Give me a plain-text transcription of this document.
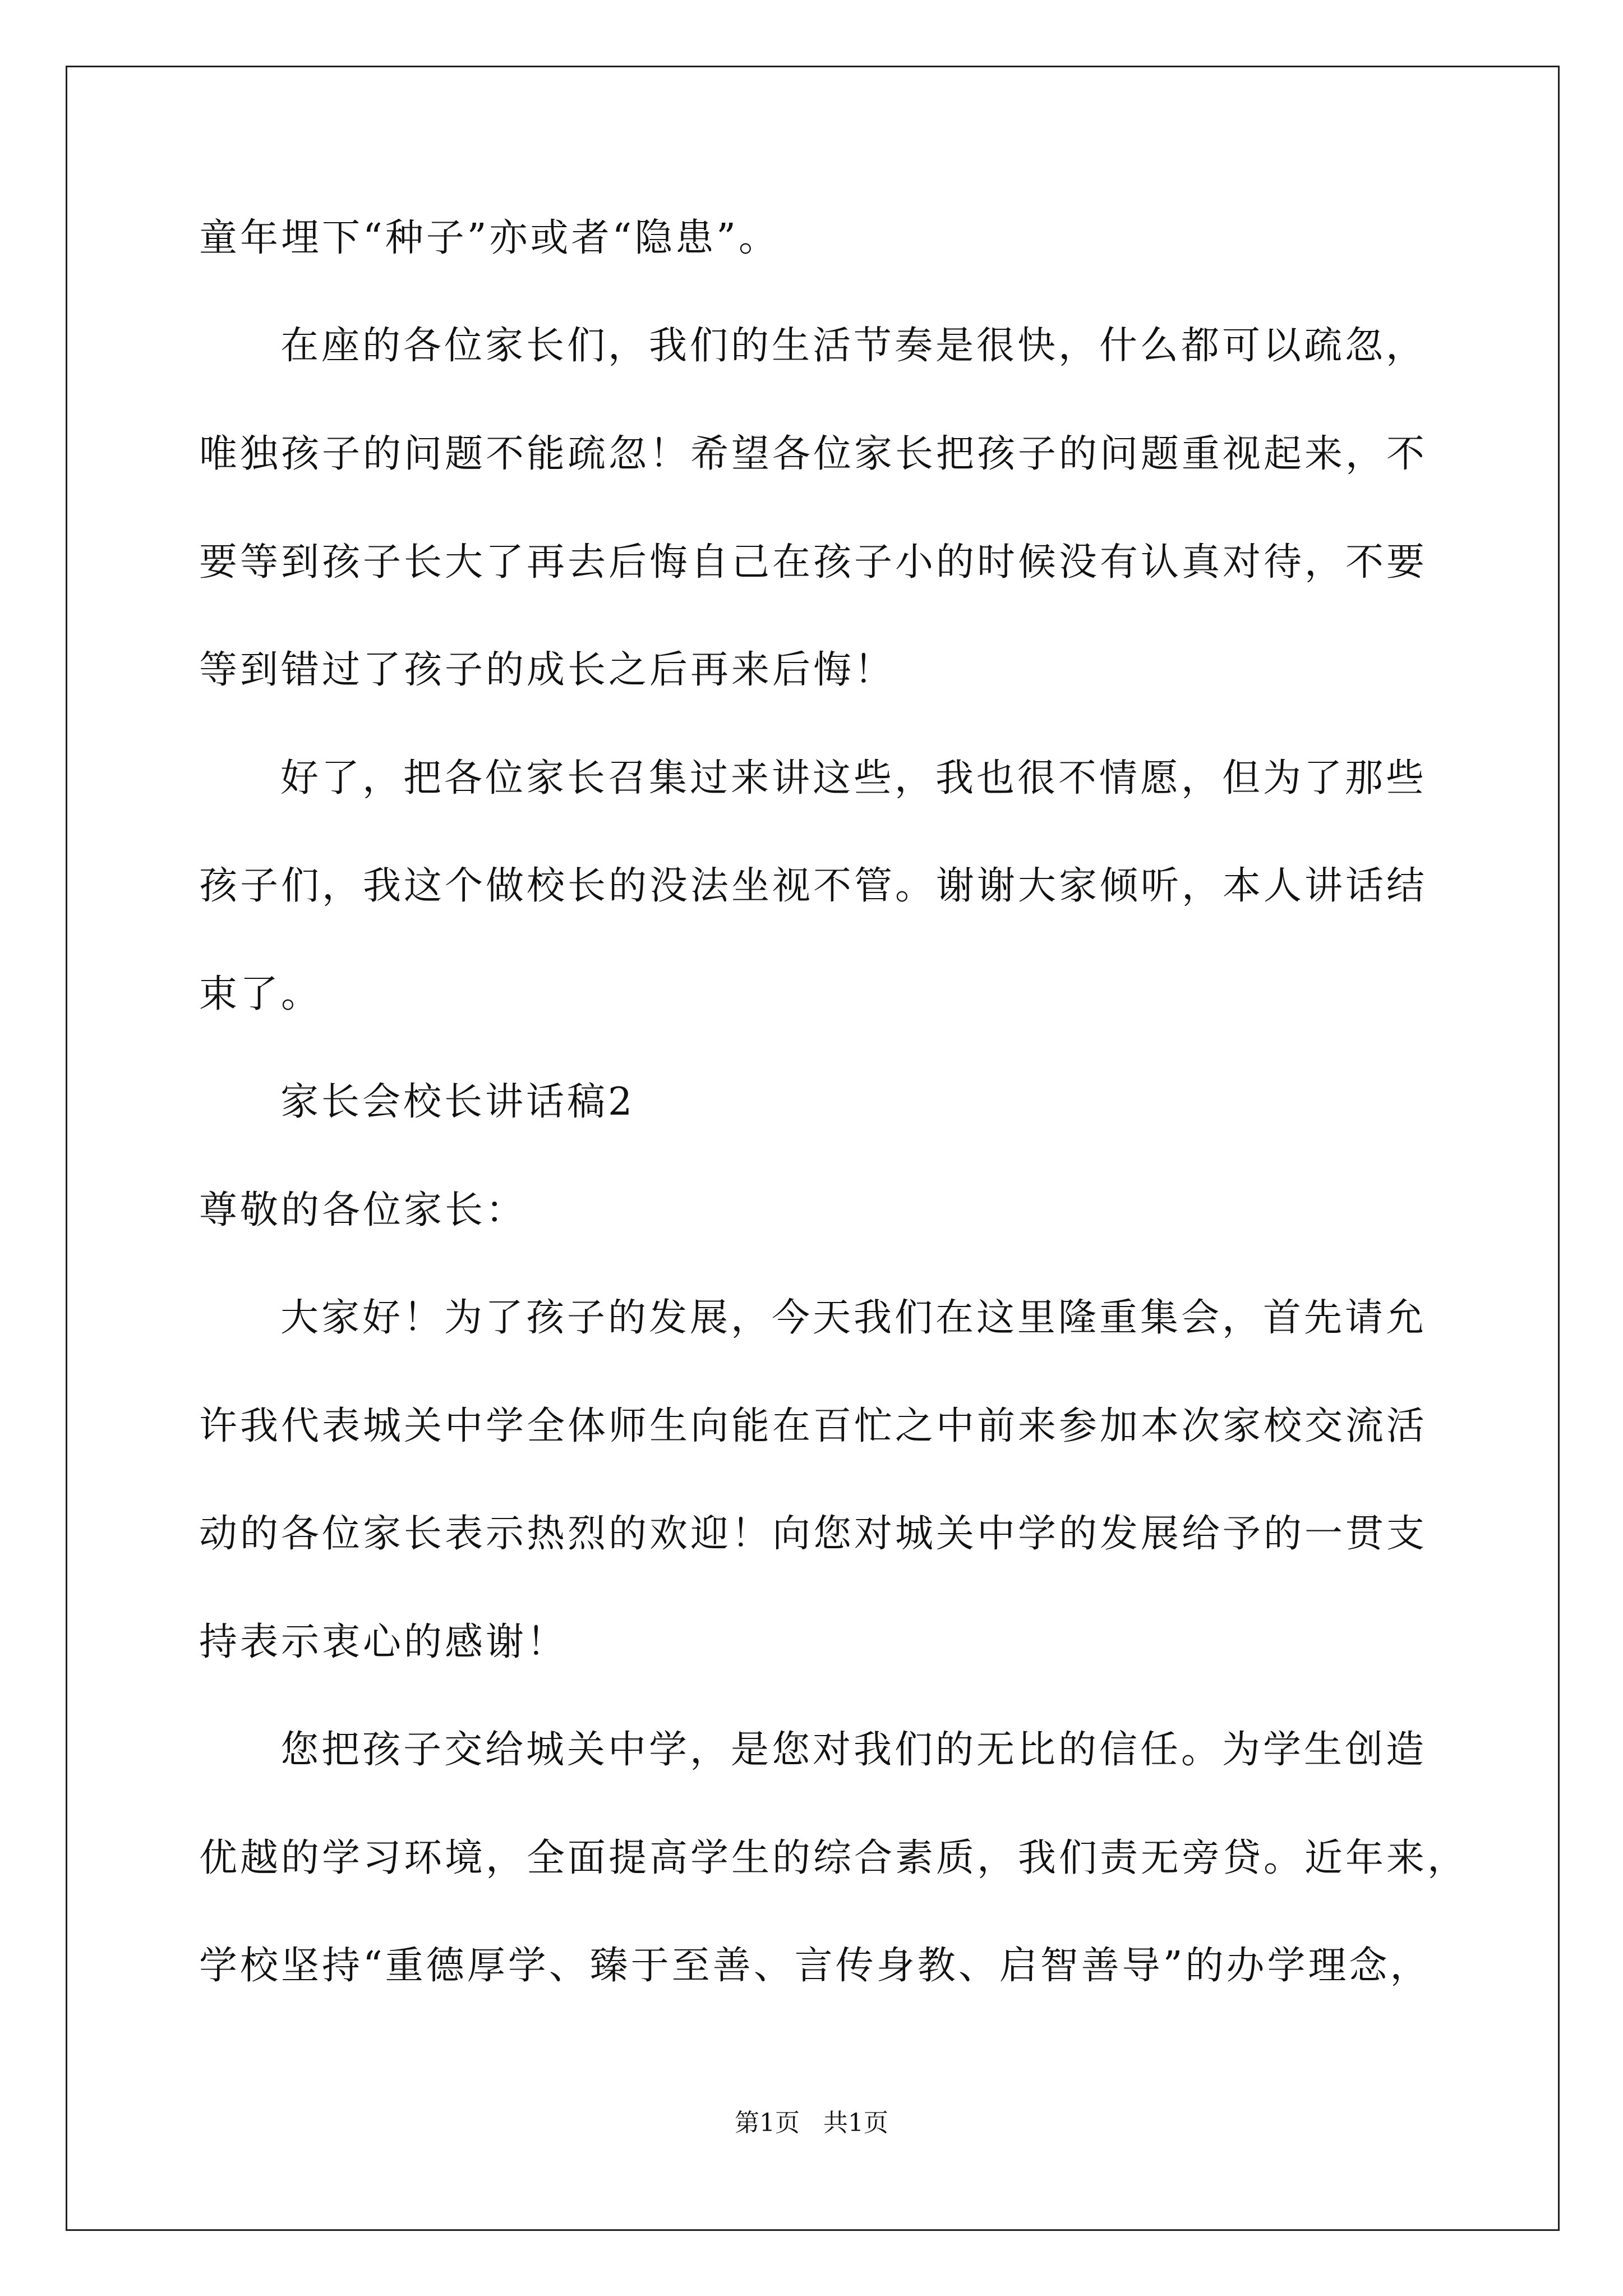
童年埋下“种子”亦或者“隐患”。
在座的各位家长们，我们的生活节奏是很快，什么都可以疏忽，
唯独孩子的问题不能疏忽！希望各位家长把孩子的问题重视起来，不
要等到孩子长大了再去后悔自己在孩子小的时候没有认真对待，不要
等到错过了孩子的成长之后再来后悔！
好了，把各位家长召集过来讲这些，我也很不情愿，但为了那些
孩子们，我这个做校长的没法坐视不管。谢谢大家倾听，本人讲话结
束了。
家长会校长讲话稿2
尊敬的各位家长：
大家好！为了孩子的发展，今天我们在这里隆重集会，首先请允
许我代表城关中学全体师生向能在百忙之中前来参加本次家校交流活
动的各位家长表示热烈的欢迎！向您对城关中学的发展给予的一贯支
持表示衷心的感谢！
您把孩子交给城关中学，是您对我们的无比的信任。为学生创造
优越的学习环境，全面提高学生的综合素质，我们责无旁贷。近年来，
学校坚持“重德厚学、臻于至善、言传身教、启智善导”的办学理念，
第1页   共1页
